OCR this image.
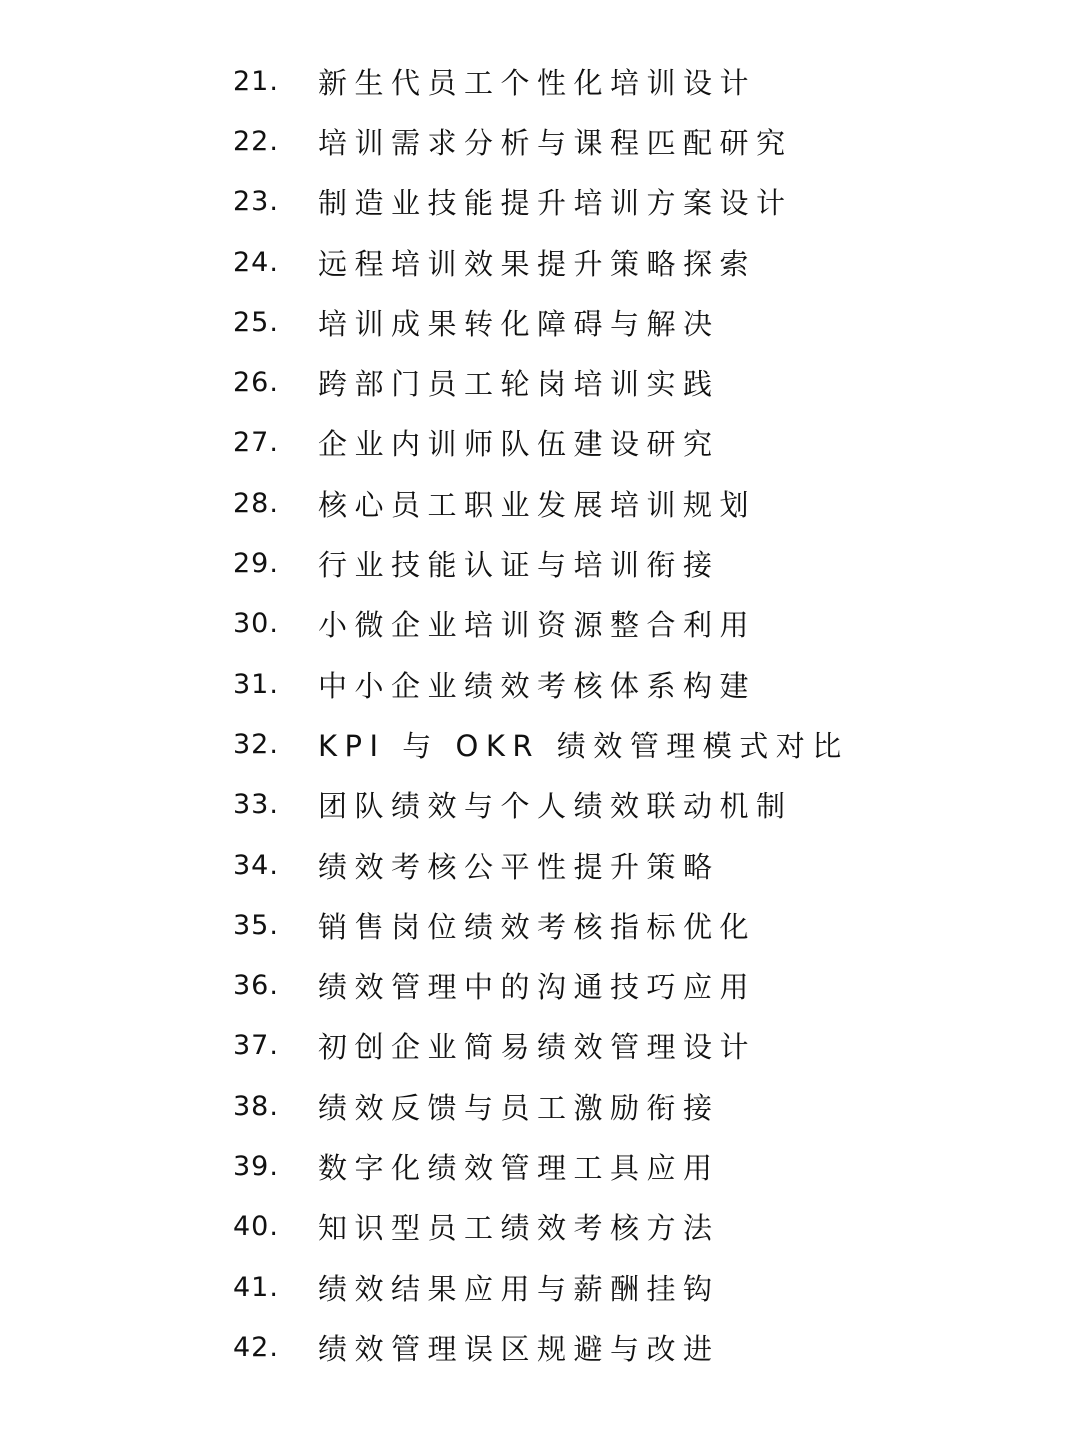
21.	新生代员工个性化培训设计
22.	培训需求分析与课程匹配研究
23.	制造业技能提升培训方案设计
24.	远程培训效果提升策略探索
25.	培训成果转化障碍与解决
26.	跨部门员工轮岗培训实践
27.	企业内训师队伍建设研究
28.	核心员工职业发展培训规划
29.	行业技能认证与培训衔接
30.	小微企业培训资源整合利用
31.	中小企业绩效考核体系构建
32.	KPI 与 OKR 绩效管理模式对比
33.	团队绩效与个人绩效联动机制
34.	绩效考核公平性提升策略
35.	销售岗位绩效考核指标优化
36.	绩效管理中的沟通技巧应用
37.	初创企业简易绩效管理设计
38.	绩效反馈与员工激励衔接
39.	数字化绩效管理工具应用
40.	知识型员工绩效考核方法
41.	绩效结果应用与薪酬挂钩
42.	绩效管理误区规避与改进
